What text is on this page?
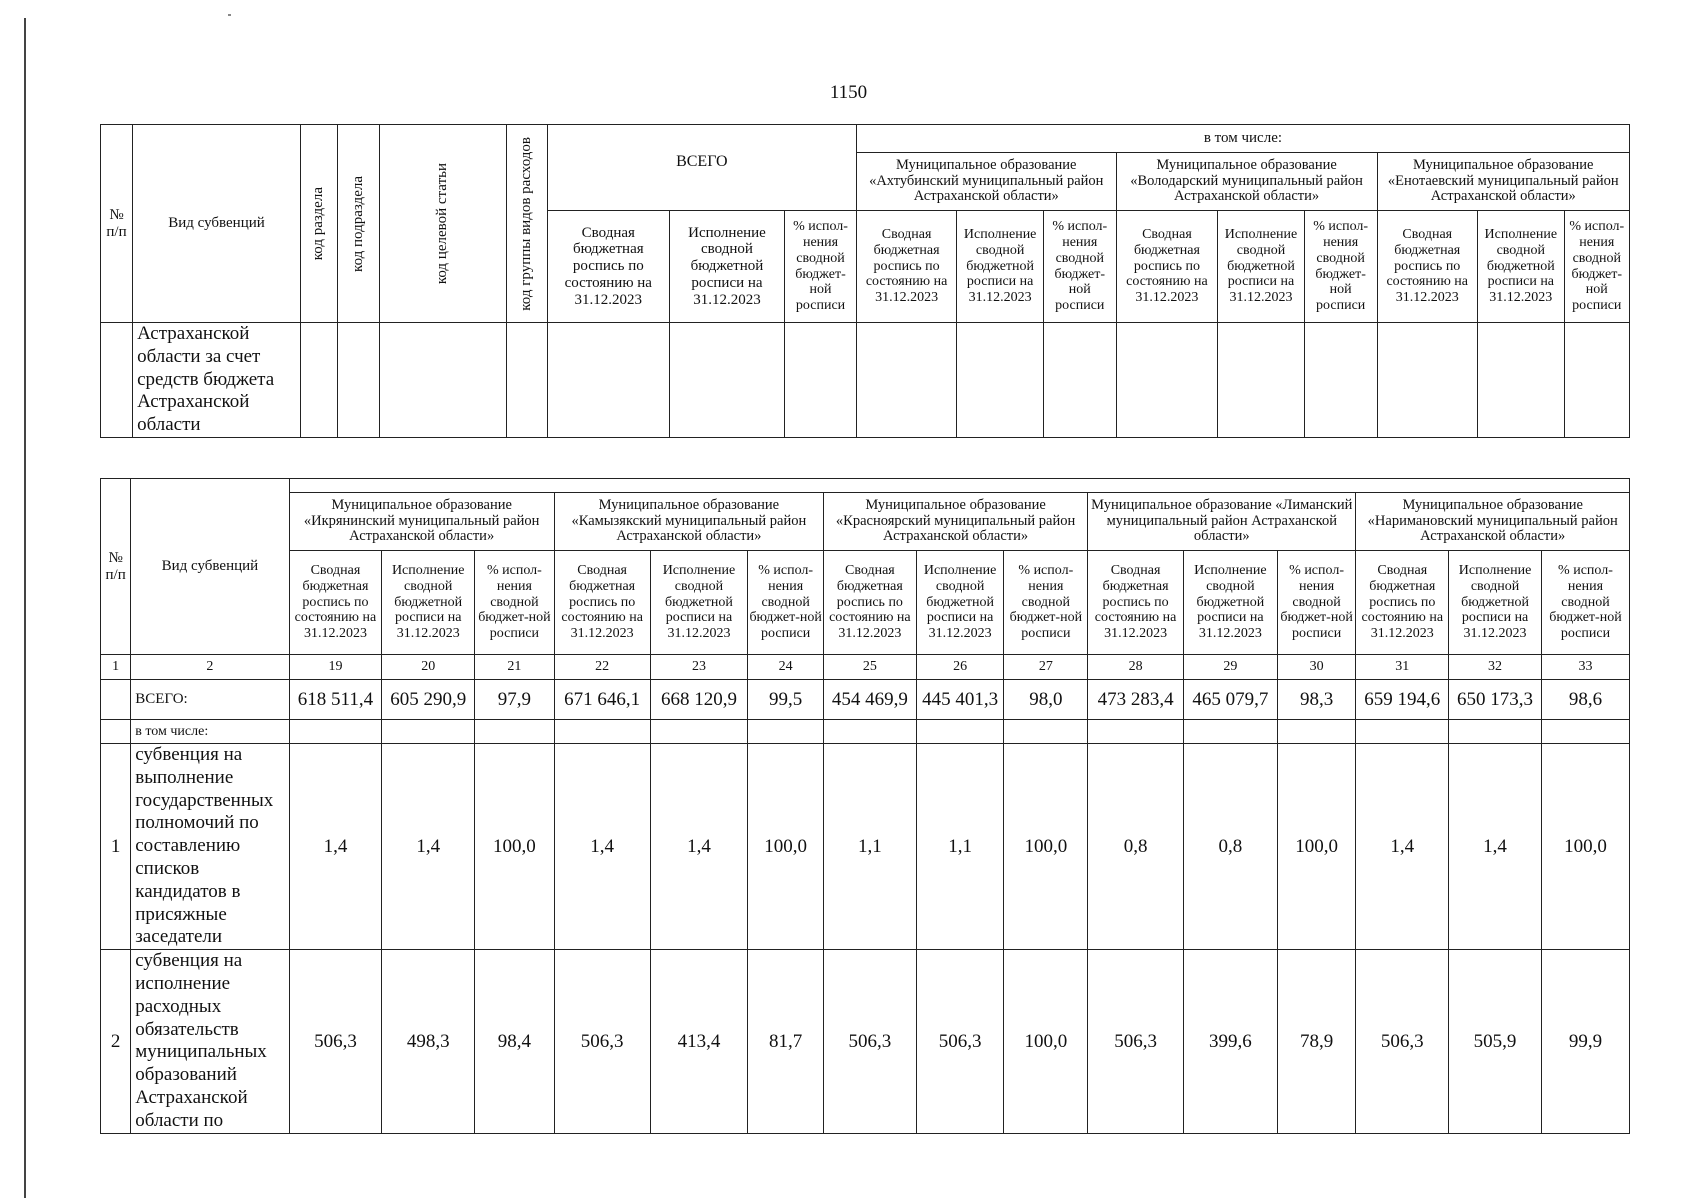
1150
№ п/п	Вид субвенций	код раздела	код подраздела	код целевой статьи	код группы видов расходов	ВСЕГО			в том числе:								
									Муниципальное образование «Ахтубинский муниципальный район Астраханской области»			Муниципальное образование «Володарский муниципальный район Астраханской области»			Муниципальное образование «Енотаевский муниципальный район Астраханской области»		
						Сводная бюджетная роспись по состоянию на 31.12.2023	Исполнение сводной бюджетной росписи на 31.12.2023	% испол-нения сводной бюджет-ной росписи	Сводная бюджетная роспись по состоянию на 31.12.2023	Исполнение сводной бюджетной росписи на 31.12.2023	% испол-нения сводной бюджет-ной росписи	Сводная бюджетная роспись по состоянию на 31.12.2023	Исполнение сводной бюджетной росписи на 31.12.2023	% испол-нения сводной бюджет-ной росписи	Сводная бюджетная роспись по состоянию на 31.12.2023	Исполнение сводной бюджетной росписи на 31.12.2023	% испол-нения сводной бюджет-ной росписи
	Астраханской области за счет средств бюджета Астраханской области																
№ п/п	Вид субвенций															
		Муниципальное образование «Икрянинский муниципальный район Астраханской области»			Муниципальное образование «Камызякский муниципальный район Астраханской области»			Муниципальное образование «Красноярский муниципальный район Астраханской области»			Муниципальное образование «Лиманский муниципальный район Астраханской области»			Муниципальное образование «Наримановский муниципальный район Астраханской области»		
		Сводная бюджетная роспись по состоянию на 31.12.2023	Исполнение сводной бюджетной росписи на 31.12.2023	% испол-нения сводной бюджет-ной росписи	Сводная бюджетная роспись по состоянию на 31.12.2023	Исполнение сводной бюджетной росписи на 31.12.2023	% испол-нения сводной бюджет-ной росписи	Сводная бюджетная роспись по состоянию на 31.12.2023	Исполнение сводной бюджетной росписи на 31.12.2023	% испол-нения сводной бюджет-ной росписи	Сводная бюджетная роспись по состоянию на 31.12.2023	Исполнение сводной бюджетной росписи на 31.12.2023	% испол-нения сводной бюджет-ной росписи	Сводная бюджетная роспись по состоянию на 31.12.2023	Исполнение сводной бюджетной росписи на 31.12.2023	% испол-нения сводной бюджет-ной росписи
1	2	19	20	21	22	23	24	25	26	27	28	29	30	31	32	33
	ВСЕГО:	618 511,4	605 290,9	97,9	671 646,1	668 120,9	99,5	454 469,9	445 401,3	98,0	473 283,4	465 079,7	98,3	659 194,6	650 173,3	98,6
	в том числе:															
1	субвенция на выполнение государственных полномочий по составлению списков кандидатов в присяжные заседатели	1,4	1,4	100,0	1,4	1,4	100,0	1,1	1,1	100,0	0,8	0,8	100,0	1,4	1,4	100,0
2	субвенция на исполнение расходных обязательств муниципальных образований Астраханской области по	506,3	498,3	98,4	506,3	413,4	81,7	506,3	506,3	100,0	506,3	399,6	78,9	506,3	505,9	99,9
